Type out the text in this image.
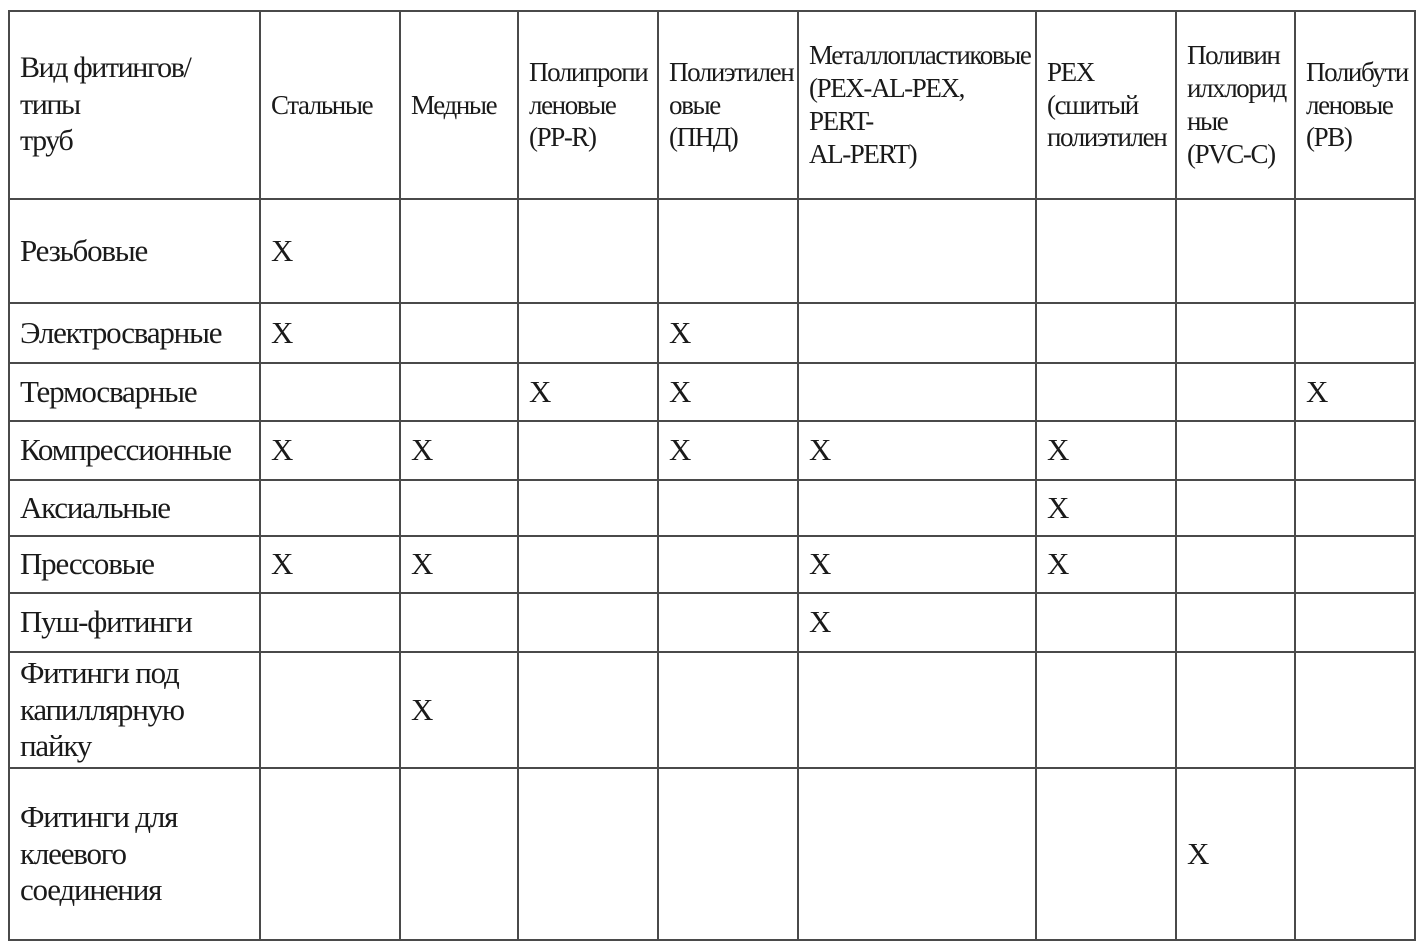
Вид фитингов/типы
труб	Стальные	Медные	Полипропи
леновые
(PP-R)	Полиэтилен
овые (ПНД)	Металлопластиковые
(PEX-AL-PEX, PERT-
AL-PERT)	PEX
(сшитый
полиэтилен	Поливин
илхлорид
ные
(PVC-C)	Полибути
леновые
(PB)

Резьбовые	X							

Электросварные	X			X				

Термосварные			X	X				X

Компрессионные	X	X		X	X	X		

Аксиальные						X		

Прессовые	X	X			X	X		

Пуш-фитинги					X			

Фитинги под
капиллярную пайку		X						

Фитинги для
клеевого
соединения							X	
